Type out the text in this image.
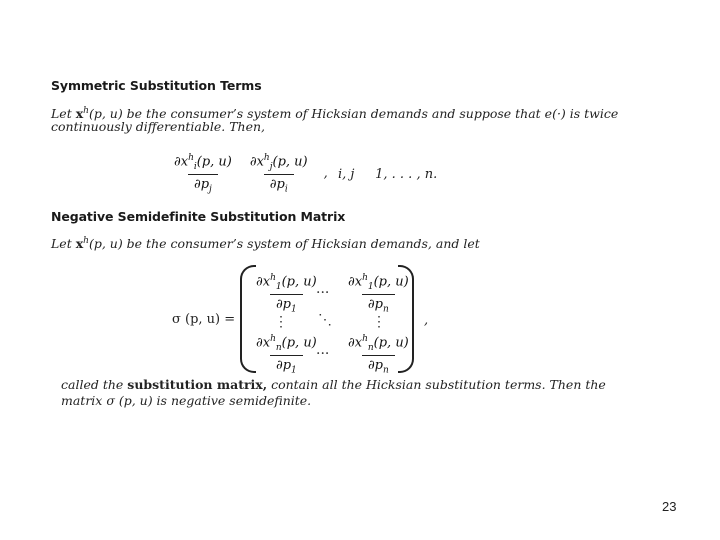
Symmetric Substitution Terms
Let $x^h(p$, u) be the consumer’s system of Hicksian demands and suppose that e(·) is twice
continuously differentiable. Then,
$\frac{\partial x^h_i(p, u)}{\partial p_j} \frac{\partial x^h_j(p, u)}{\partial p_i}$ , i, j     1, . . . , n.
Negative Semidefinite Substitution Matrix
Let $x^h(p$, u) be the consumer’s system of Hicksian demands, and let
σ (p, u) =
$\frac{\partial x^h_1(p, u)}{\partial p_1}$
··· $\frac{\partial x^h_1(p, u)}{\partial p_n}$
⋮ ⋱	⋮
$\partial x^h_n(p$, u)
$\partial p_1$
···
$\partial x^h_n(p$, u)
$\partial p_n$
,
called the substitution matrix, contain all the Hicksian substitution terms. Then the
matrix σ (p, u) is negative semidefinite.
23
